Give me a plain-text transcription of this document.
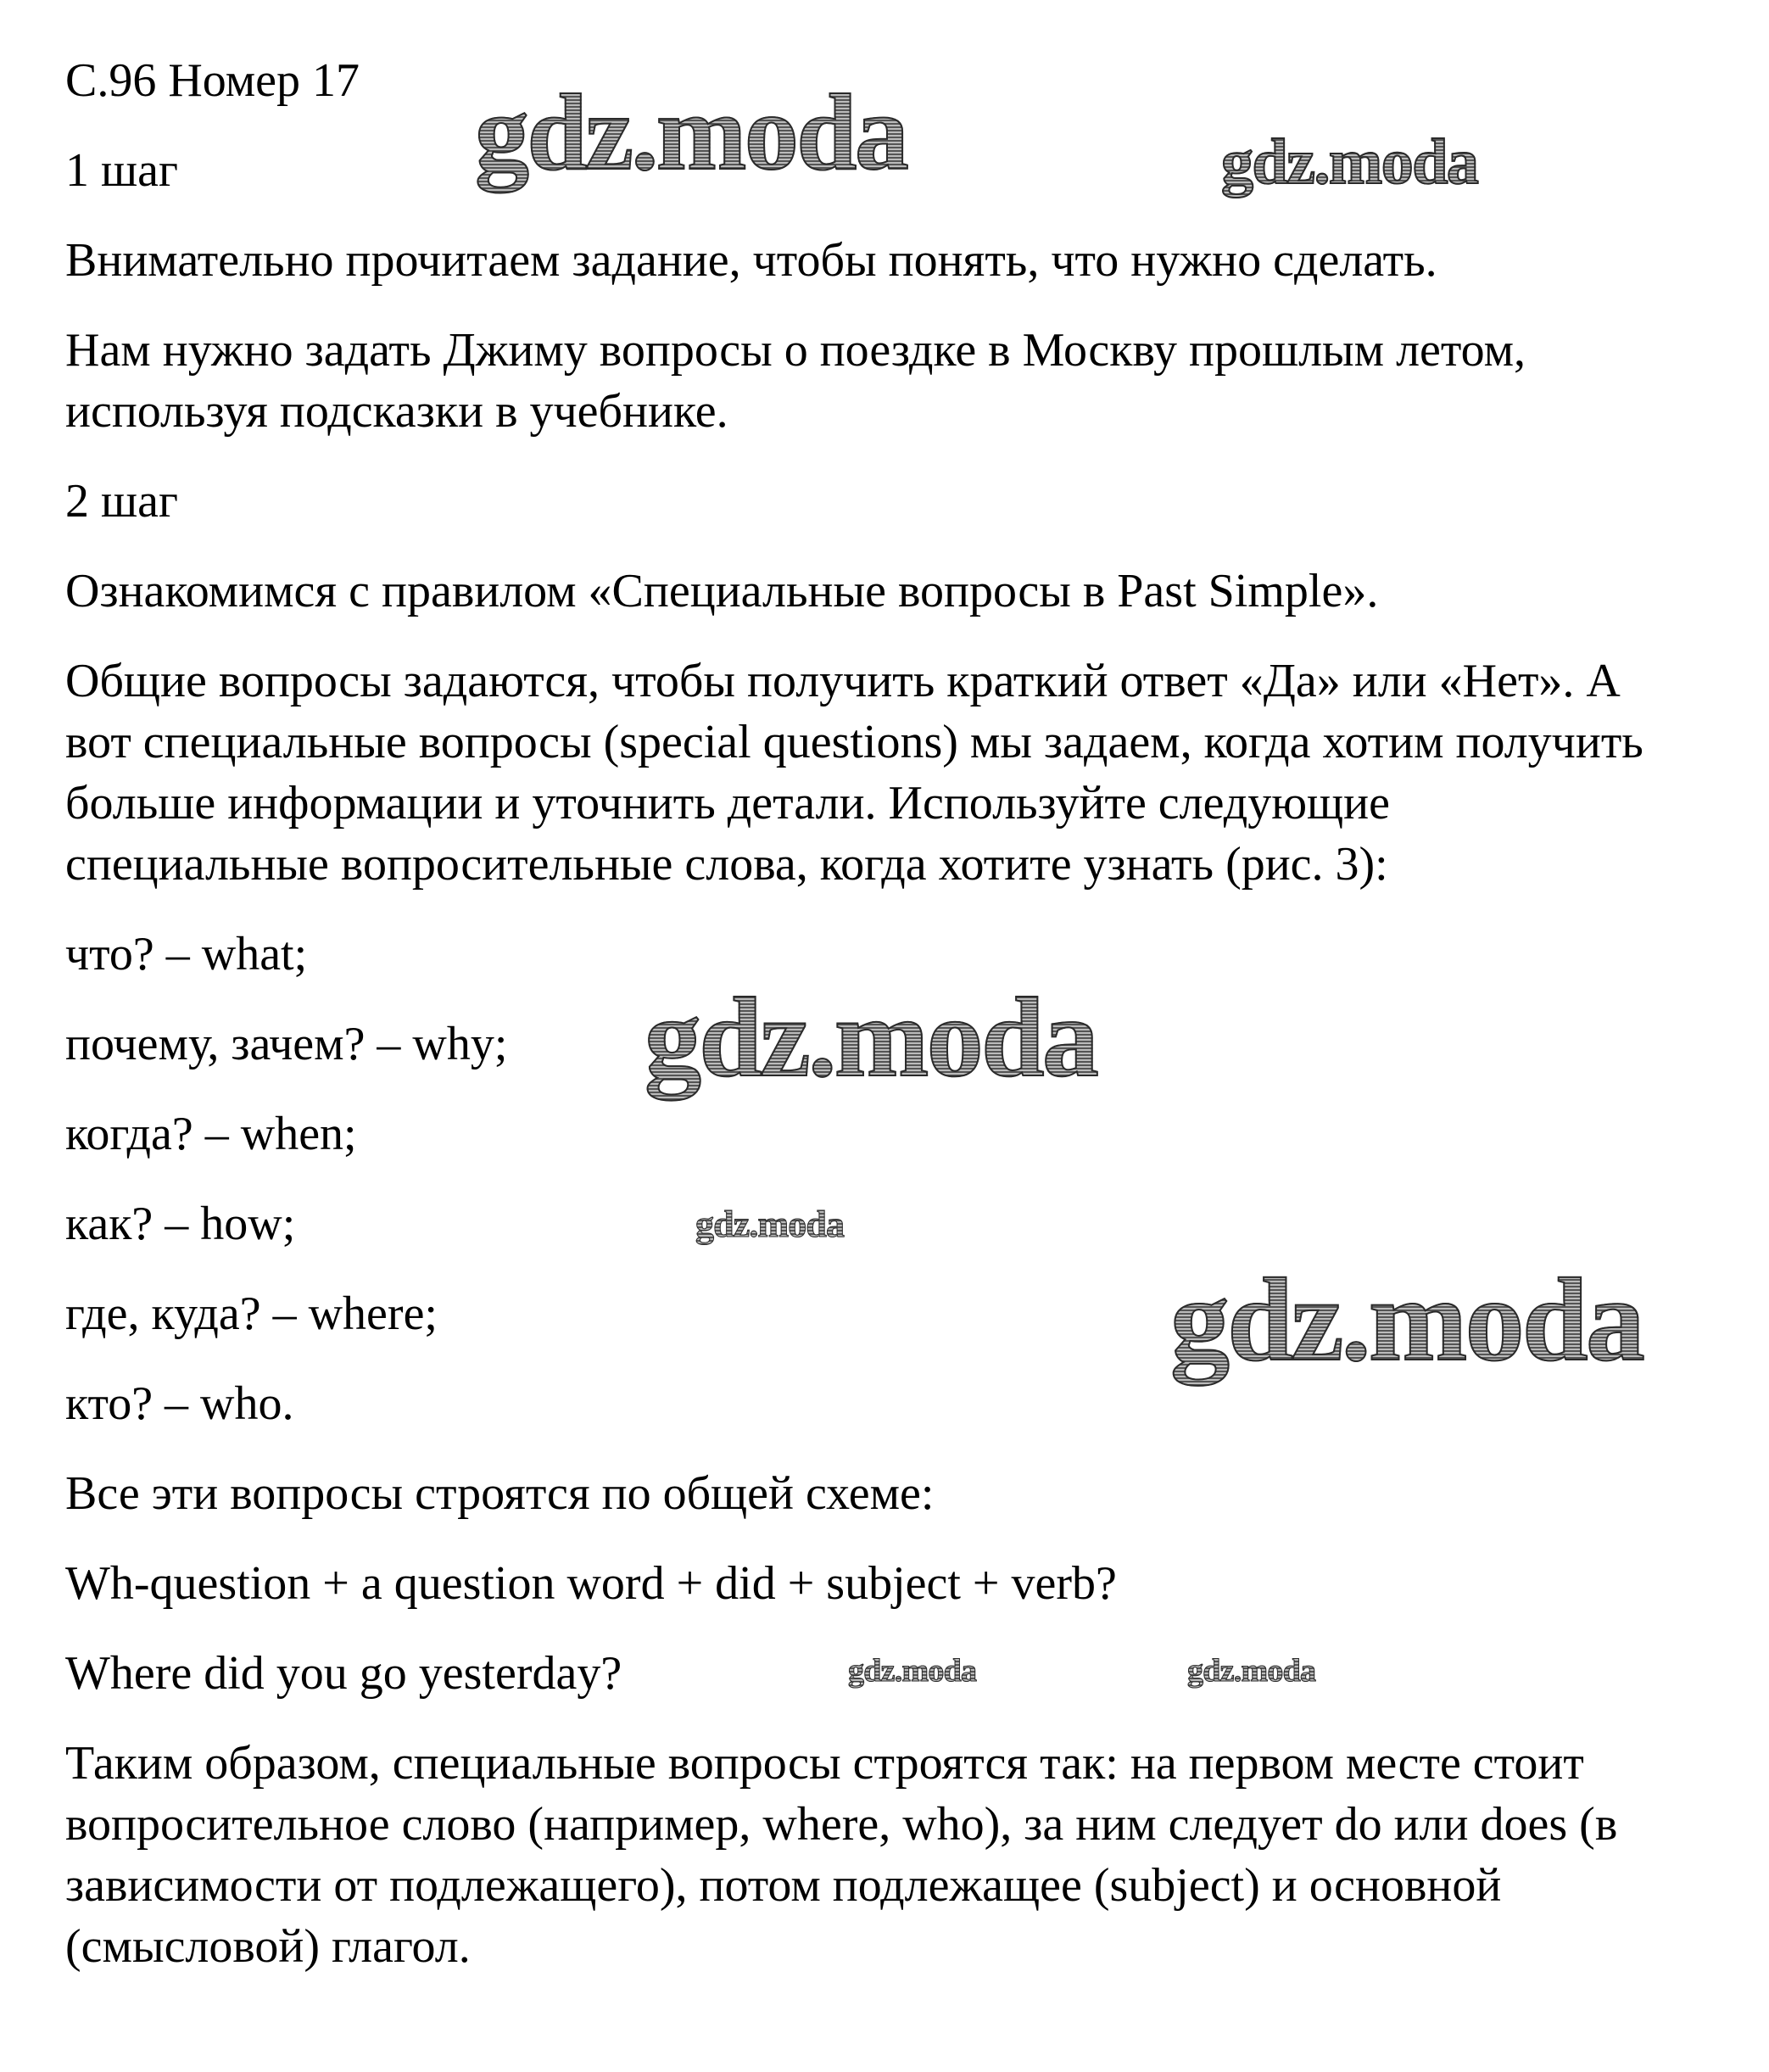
С.96 Номер 17
1 шаг
Внимательно прочитаем задание, чтобы понять, что нужно сделать.
Нам нужно задать Джиму вопросы о поездке в Москву прошлым летом,
используя подсказки в учебнике.
2 шаг
Ознакомимся с правилом «Специальные вопросы в Past Simple».
Общие вопросы задаются, чтобы получить краткий ответ «Да» или «Нет». А
вот специальные вопросы (special questions) мы задаем, когда хотим получить
больше информации и уточнить детали. Используйте следующие
специальные вопросительные слова, когда хотите узнать (рис. 3):
что? – what;
почему, зачем? – why;
когда? – when;
как? – how;
где, куда? – where;
кто? – who.
Все эти вопросы строятся по общей схеме:
Wh-question + a question word + did + subject + verb?
Where did you go yesterday?
Таким образом, специальные вопросы строятся так: на первом месте стоит
вопросительное слово (например, where, who), за ним следует do или does (в
зависимости от подлежащего), потом подлежащее (subject) и основной
(смысловой) глагол.
gdz.moda	gdz.moda
gdz.moda
gdz.moda
gdz.moda
gdz.moda	gdz.moda
